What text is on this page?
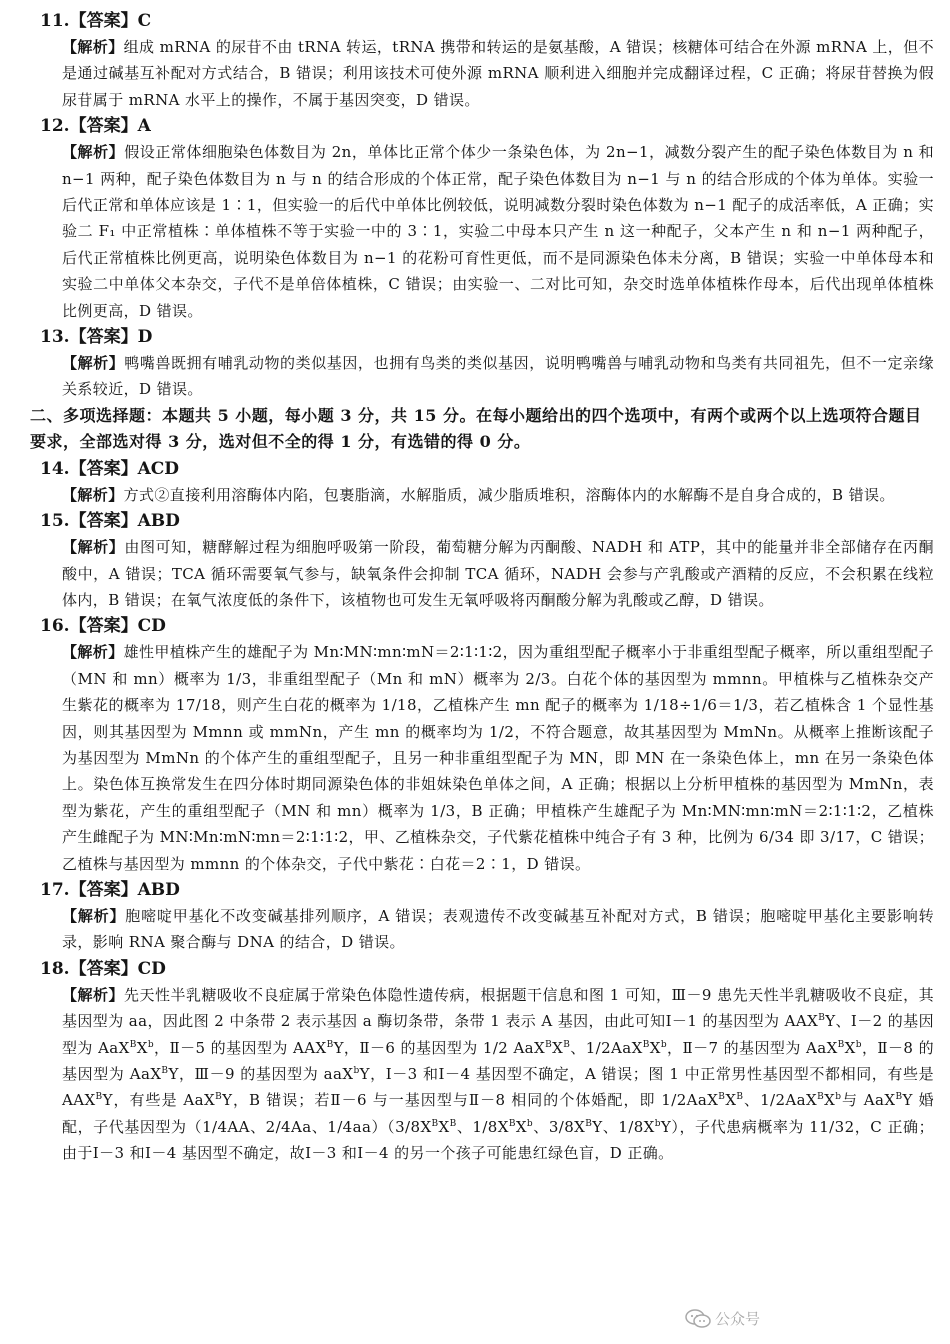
11.【答案】C
【解析】组成 mRNA 的尿苷不由 tRNA 转运，tRNA 携带和转运的是氨基酸，A 错误；核糖体可结合在外源 mRNA 上，但不是通过碱基互补配对方式结合，B 错误；利用该技术可使外源 mRNA 顺利进入细胞并完成翻译过程，C 正确；将尿苷替换为假尿苷属于 mRNA 水平上的操作，不属于基因突变，D 错误。
12.【答案】A
【解析】假设正常体细胞染色体数目为 2n，单体比正常个体少一条染色体，为 2n−1，减数分裂产生的配子染色体数目为 n 和 n−1 两种，配子染色体数目为 n 与 n 的结合形成的个体正常，配子染色体数目为 n−1 与 n 的结合形成的个体为单体。实验一后代正常和单体应该是 1∶1，但实验一的后代中单体比例较低，说明减数分裂时染色体数为 n−1 配子的成活率低，A 正确；实验二 F₁ 中正常植株∶单体植株不等于实验一中的 3∶1，实验二中母本只产生 n 这一种配子，父本产生 n 和 n−1 两种配子，后代正常植株比例更高，说明染色体数目为 n−1 的花粉可育性更低，而不是同源染色体未分离，B 错误；实验一中单体母本和实验二中单体父本杂交，子代不是单倍体植株，C 错误；由实验一、二对比可知，杂交时选单体植株作母本，后代出现单体植株比例更高，D 错误。
13.【答案】D
【解析】鸭嘴兽既拥有哺乳动物的类似基因，也拥有鸟类的类似基因，说明鸭嘴兽与哺乳动物和鸟类有共同祖先，但不一定亲缘关系较近，D 错误。
二、多项选择题：本题共 5 小题，每小题 3 分，共 15 分。在每小题给出的四个选项中，有两个或两个以上选项符合题目要求，全部选对得 3 分，选对但不全的得 1 分，有选错的得 0 分。
14.【答案】ACD
【解析】方式②直接利用溶酶体内陷，包裹脂滴，水解脂质，减少脂质堆积，溶酶体内的水解酶不是自身合成的，B 错误。
15.【答案】ABD
【解析】由图可知，糖酵解过程为细胞呼吸第一阶段，葡萄糖分解为丙酮酸、NADH 和 ATP，其中的能量并非全部储存在丙酮酸中，A 错误；TCA 循环需要氧气参与，缺氧条件会抑制 TCA 循环，NADH 会参与产乳酸或产酒精的反应，不会积累在线粒体内，B 错误；在氧气浓度低的条件下，该植物也可发生无氧呼吸将丙酮酸分解为乳酸或乙醇，D 错误。
16.【答案】CD
【解析】雄性甲植株产生的雄配子为 Mn∶MN∶mn∶mN＝2∶1∶1∶2，因为重组型配子概率小于非重组型配子概率，所以重组型配子（MN 和 mn）概率为 1/3，非重组型配子（Mn 和 mN）概率为 2/3。白花个体的基因型为 mmnn。甲植株与乙植株杂交产生紫花的概率为 17/18，则产生白花的概率为 1/18，乙植株产生 mn 配子的概率为 1/18÷1/6＝1/3，若乙植株含 1 个显性基因，则其基因型为 Mmnn 或 mmNn，产生 mn 的概率均为 1/2，不符合题意，故其基因型为 MmNn。从概率上推断该配子为基因型为 MmNn 的个体产生的重组型配子，且另一种非重组型配子为 MN，即 MN 在一条染色体上，mn 在另一条染色体上。染色体互换常发生在四分体时期同源染色体的非姐妹染色单体之间，A 正确；根据以上分析甲植株的基因型为 MmNn，表型为紫花，产生的重组型配子（MN 和 mn）概率为 1/3，B 正确；甲植株产生雄配子为 Mn∶MN∶mn∶mN＝2∶1∶1∶2，乙植株产生雌配子为 MN∶Mn∶mN∶mn＝2∶1∶1∶2，甲、乙植株杂交，子代紫花植株中纯合子有 3 种，比例为 6/34 即 3/17，C 错误；乙植株与基因型为 mmnn 的个体杂交，子代中紫花∶白花＝2∶1，D 错误。
17.【答案】ABD
【解析】胞嘧啶甲基化不改变碱基排列顺序，A 错误；表观遗传不改变碱基互补配对方式，B 错误；胞嘧啶甲基化主要影响转录，影响 RNA 聚合酶与 DNA 的结合，D 错误。
18.【答案】CD
【解析】先天性半乳糖吸收不良症属于常染色体隐性遗传病，根据题干信息和图 1 可知，Ⅲ－9 患先天性半乳糖吸收不良症，其基因型为 aa，因此图 2 中条带 2 表示基因 a 酶切条带，条带 1 表示 A 基因，由此可知Ⅰ－1 的基因型为 $AAX^BY$、Ⅰ－2 的基因型为 $AaX^BX^b$，Ⅱ－5 的基因型为 $AAX^BY$，Ⅱ－6 的基因型为 1/2 $AaX^BX^B$、$1/2AaX^BX^b$，Ⅱ－7 的基因型为 $AaX^BX^b$，Ⅱ－8 的基因型为 AaX$^B$Y，Ⅲ－9 的基因型为 aaX$^b$Y，Ⅰ－3 和Ⅰ－4 基因型不确定，A 错误；图 1 中正常男性基因型不都相同，有些是 $AAX^BY$，有些是 AaX$^B$Y，B 错误；若Ⅱ－6 与一基因型与Ⅱ－8 相同的个体婚配，即 $1/2AaX^BX^B$、$1/2AaX^BX^b$与 AaX$^B$Y 婚配，子代基因型为（1/4AA、2/4Aa、$1/4aa)(3/8X^BX^B$、$1/8X^BX^b$、$3/8X^BY$、$1/8X^bY$），子代患病概率为 11/32，C 正确；由于Ⅰ－3 和Ⅰ－4 基因型不确定，故Ⅰ－3 和Ⅰ－4 的另一个孩子可能患红绿色盲，D 正确。
公众号
